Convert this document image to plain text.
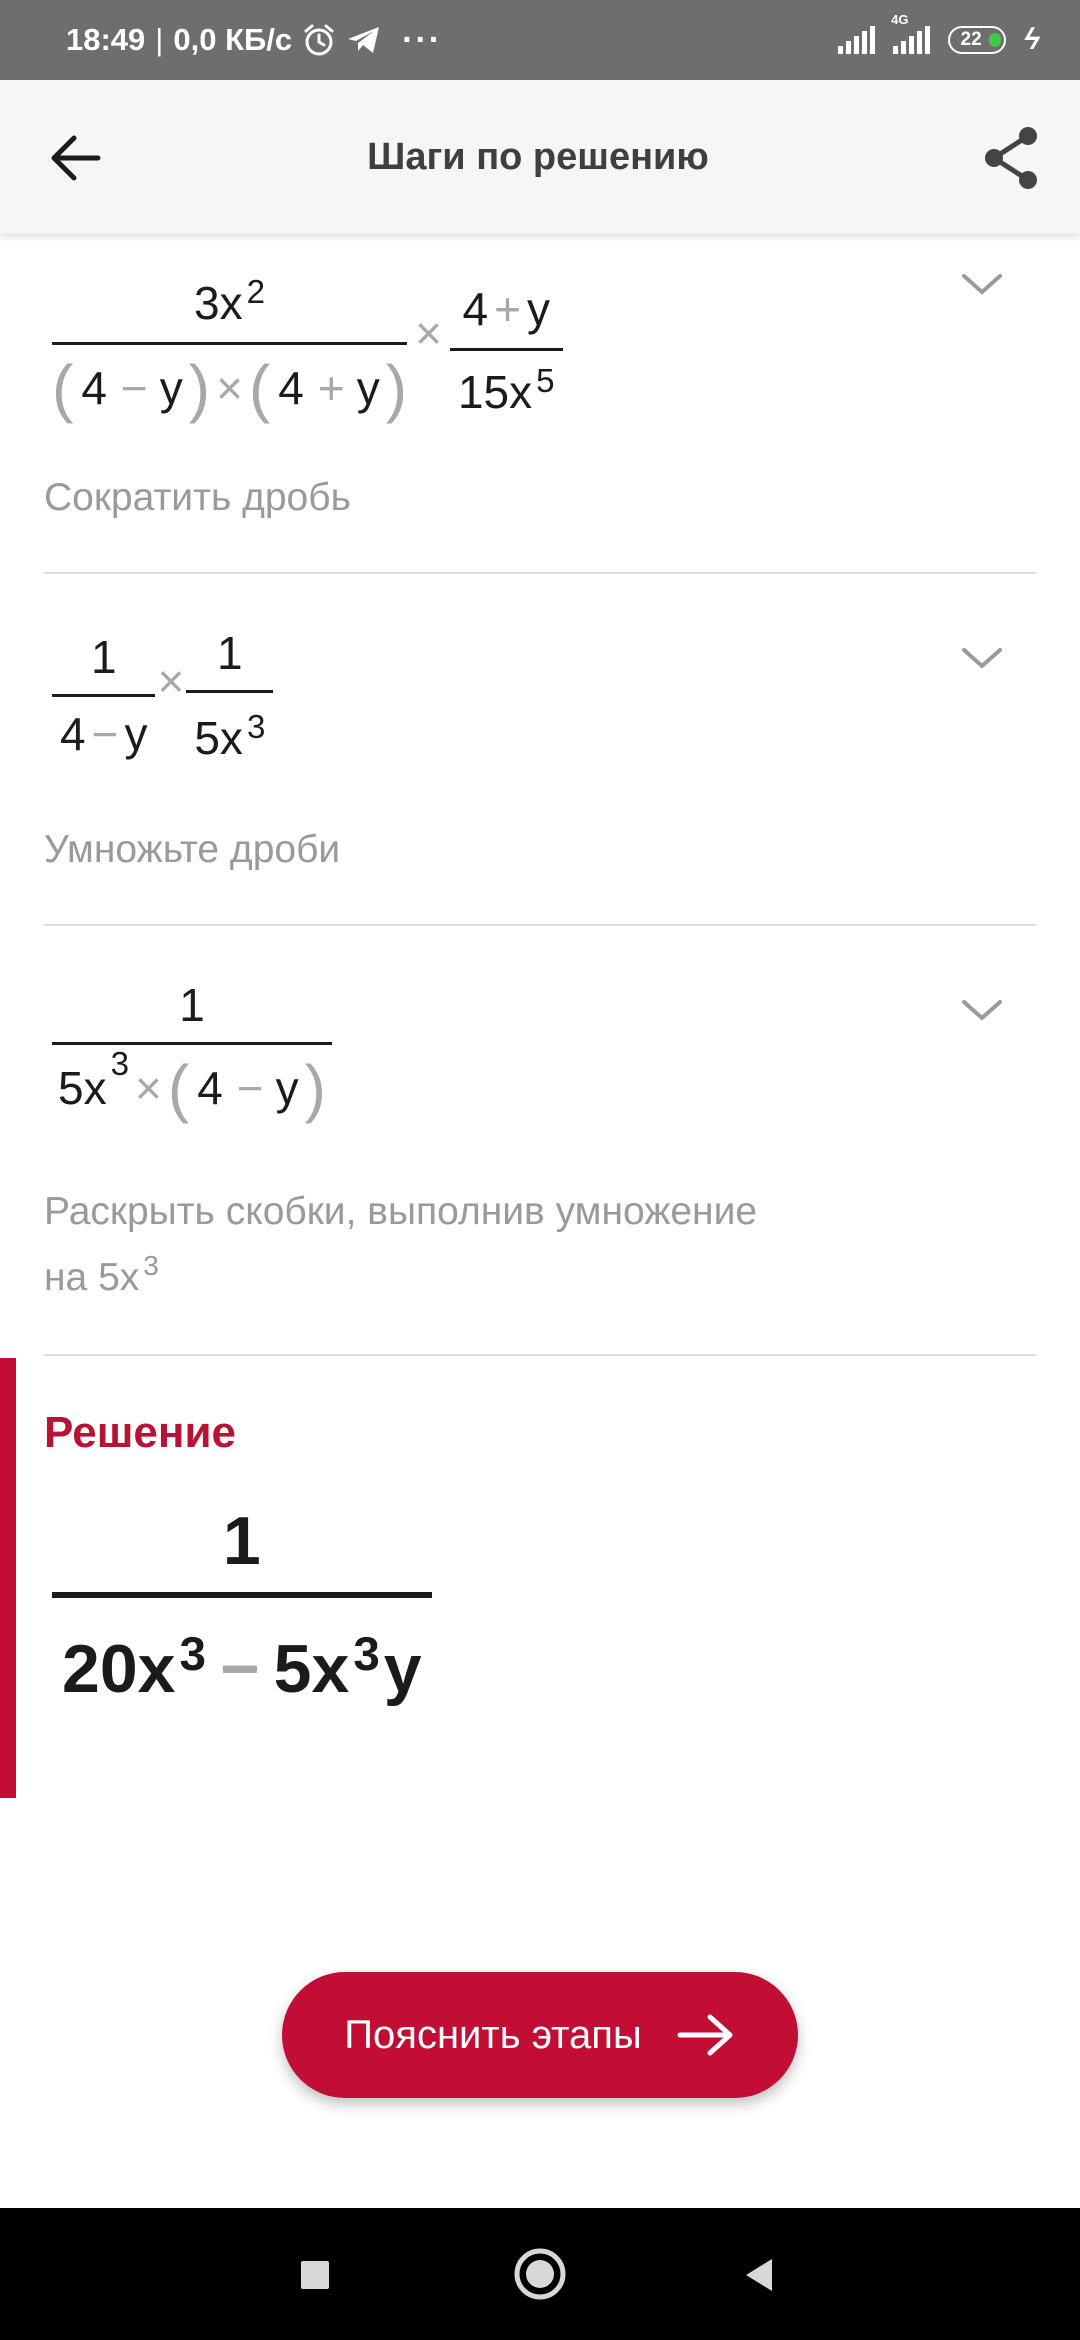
18:49 | 0,0 КБ/с	···
4G
22 ϟ
Шаги по решению
$3x^2$
( 4 − y ) × ( 4 + y )
× $\frac{4 + y}{15x^5}$
Сократить дробь
$\frac{1}{4 - y} \times \frac{1}{5x^3}$
Умножьте дроби
1
$5x^3$ × ( 4 − y )
Раскрыть скобки, выполнив умножение
на 5x $^3$
Решение
1
$20x^3 - 5x^3$ y
Пояснить этапы
